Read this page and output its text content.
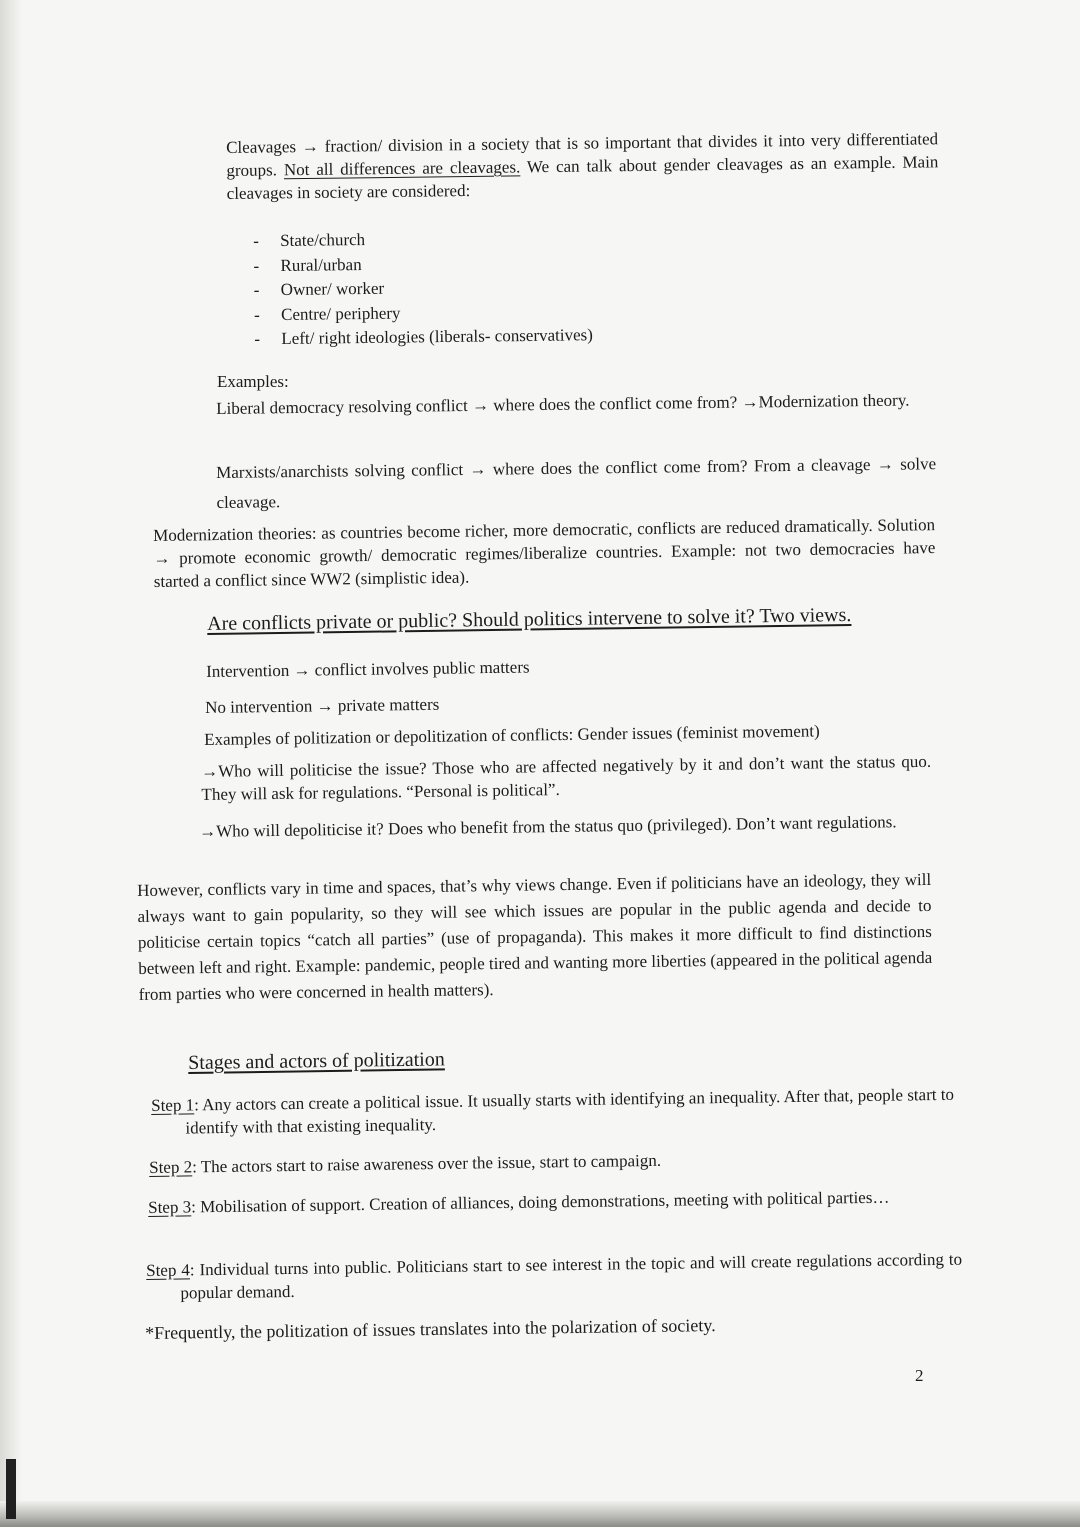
Cleavages → fraction/ division in a society that is so important that divides it into very differentiated groups. Not all differences are cleavages. We can talk about gender cleavages as an example. Main cleavages in society are considered:
- State/church
- Rural/urban
- Owner/ worker
- Centre/ periphery
- Left/ right ideologies (liberals- conservatives)
Examples:
Liberal democracy resolving conflict → where does the conflict come from? →Modernization theory.
Marxists/anarchists solving conflict → where does the conflict come from? From a cleavage → solve cleavage.
Modernization theories: as countries become richer, more democratic, conflicts are reduced dramatically. Solution → promote economic growth/ democratic regimes/liberalize countries. Example: not two democracies have started a conflict since WW2 (simplistic idea).
Are conflicts private or public? Should politics intervene to solve it? Two views.
Intervention → conflict involves public matters
No intervention → private matters
Examples of politization or depolitization of conflicts: Gender issues (feminist movement)
→Who will politicise the issue? Those who are affected negatively by it and don’t want the status quo. They will ask for regulations. “Personal is political”.
→Who will depoliticise it? Does who benefit from the status quo (privileged). Don’t want regulations.
However, conflicts vary in time and spaces, that’s why views change. Even if politicians have an ideology, they will always want to gain popularity, so they will see which issues are popular in the public agenda and decide to politicise certain topics “catch all parties” (use of propaganda). This makes it more difficult to find distinctions between left and right. Example: pandemic, people tired and wanting more liberties (appeared in the political agenda from parties who were concerned in health matters).
Stages and actors of politization
Step 1: Any actors can create a political issue. It usually starts with identifying an inequality. After that, people start to identify with that existing inequality.
Step 2: The actors start to raise awareness over the issue, start to campaign.
Step 3: Mobilisation of support. Creation of alliances, doing demonstrations, meeting with political parties…
Step 4: Individual turns into public. Politicians start to see interest in the topic and will create regulations according to popular demand.
*Frequently, the politization of issues translates into the polarization of society.
2
